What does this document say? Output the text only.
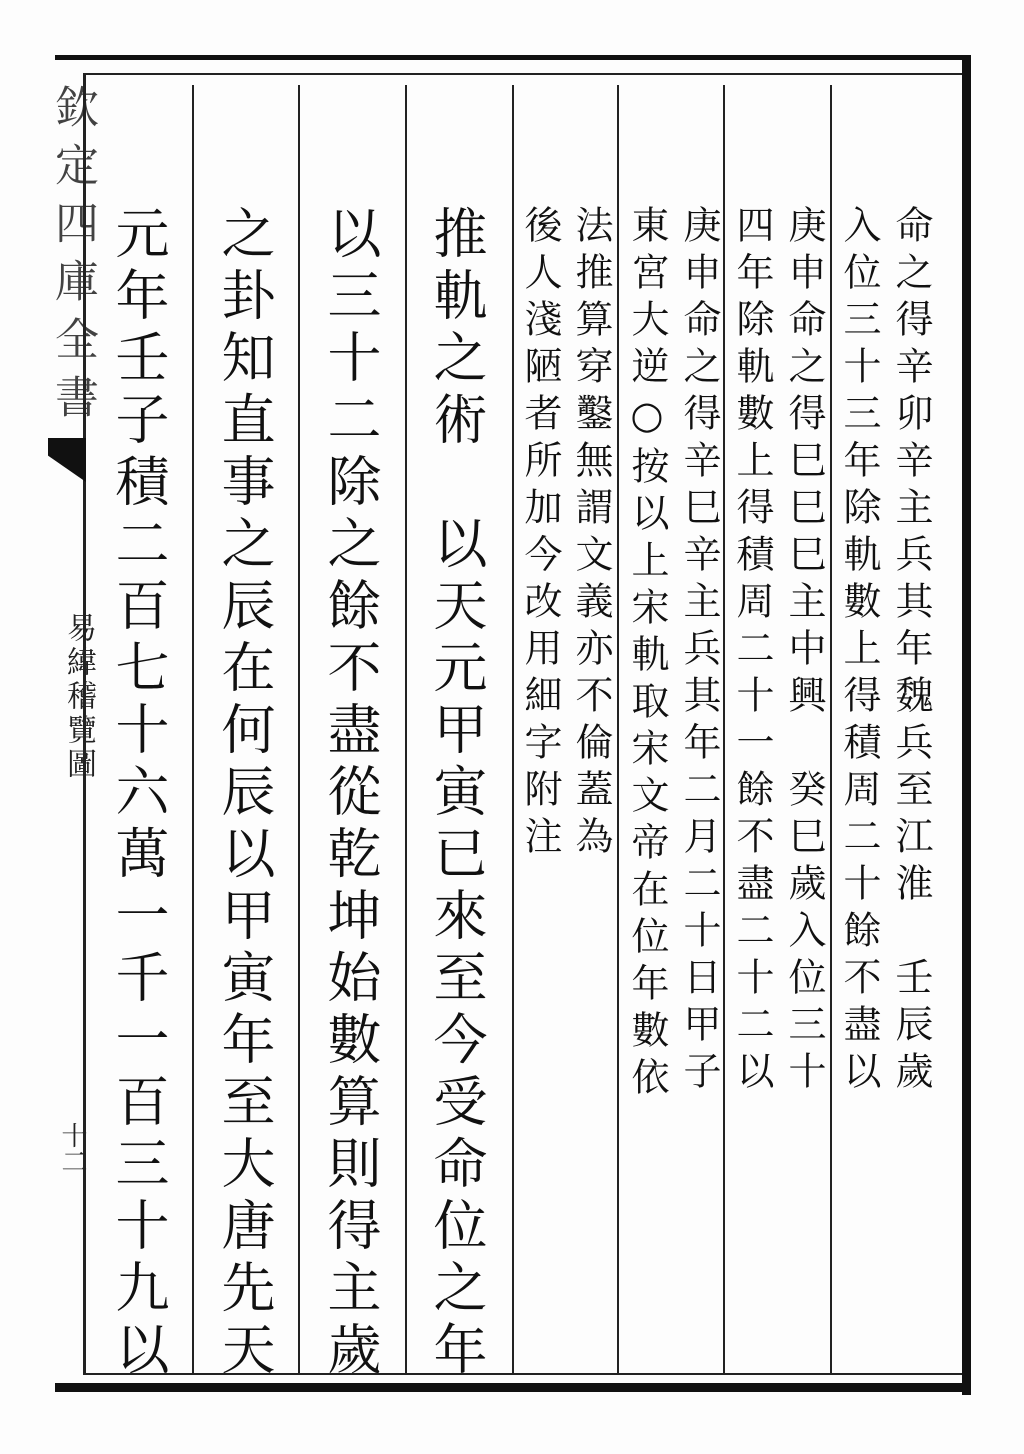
欽定四庫全書
易緯稽覽圖
十二
命之得辛卯辛主兵其年魏兵至江淮　壬辰歲
入位三十三年除軌數上得積周二十餘不盡以
庚申命之得巳巳巳主中興　癸巳歲入位三十
四年除軌數上得積周二十一餘不盡二十二以
庚申命之得辛巳辛主兵其年二月二十日甲子
東宮大逆○按以上宋軌取宋文帝在位年數依
法推算穿鑿無謂文義亦不倫蓋為
後人淺陋者所加今改用細字附注
推軌之術　以天元甲寅已來至今受命位之年
以三十二除之餘不盡從乾坤始數算則得主歲
之卦知直事之辰在何辰以甲寅年至大唐先天
元年壬子積二百七十六萬一千一百三十九以
